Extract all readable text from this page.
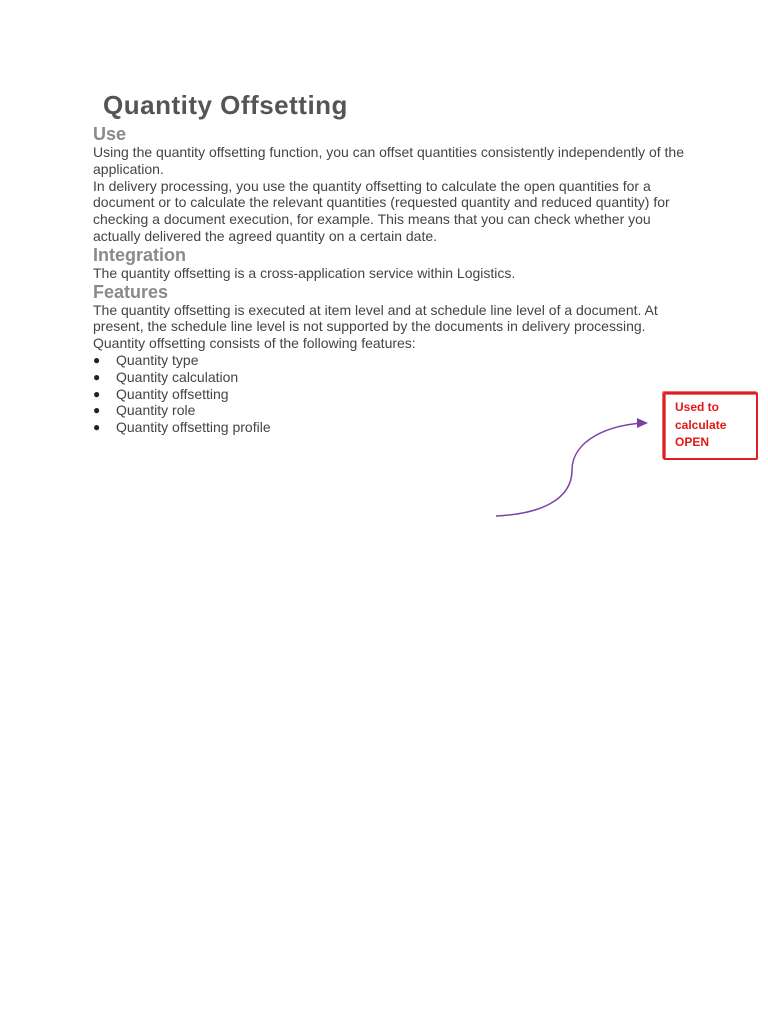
Quantity Offsetting
Use

Using the quantity offsetting function, you can offset quantities consistently independently of the application.

In delivery processing, you use the quantity offsetting to calculate the open quantities for a document or to calculate the relevant quantities (requested quantity and reduced quantity) for checking a document execution, for example. This means that you can check whether you actually delivered the agreed quantity on a certain date.

Integration

The quantity offsetting is a cross-application service within Logistics.

Features

The quantity offsetting is executed at item level and at schedule line level of a document. At present, the schedule line level is not supported by the documents in delivery processing.

Quantity offsetting consists of the following features:

● Quantity type
● Quantity calculation
● Quantity offsetting
● Quantity role
● Quantity offsetting profile
Used to
calculate
OPEN
